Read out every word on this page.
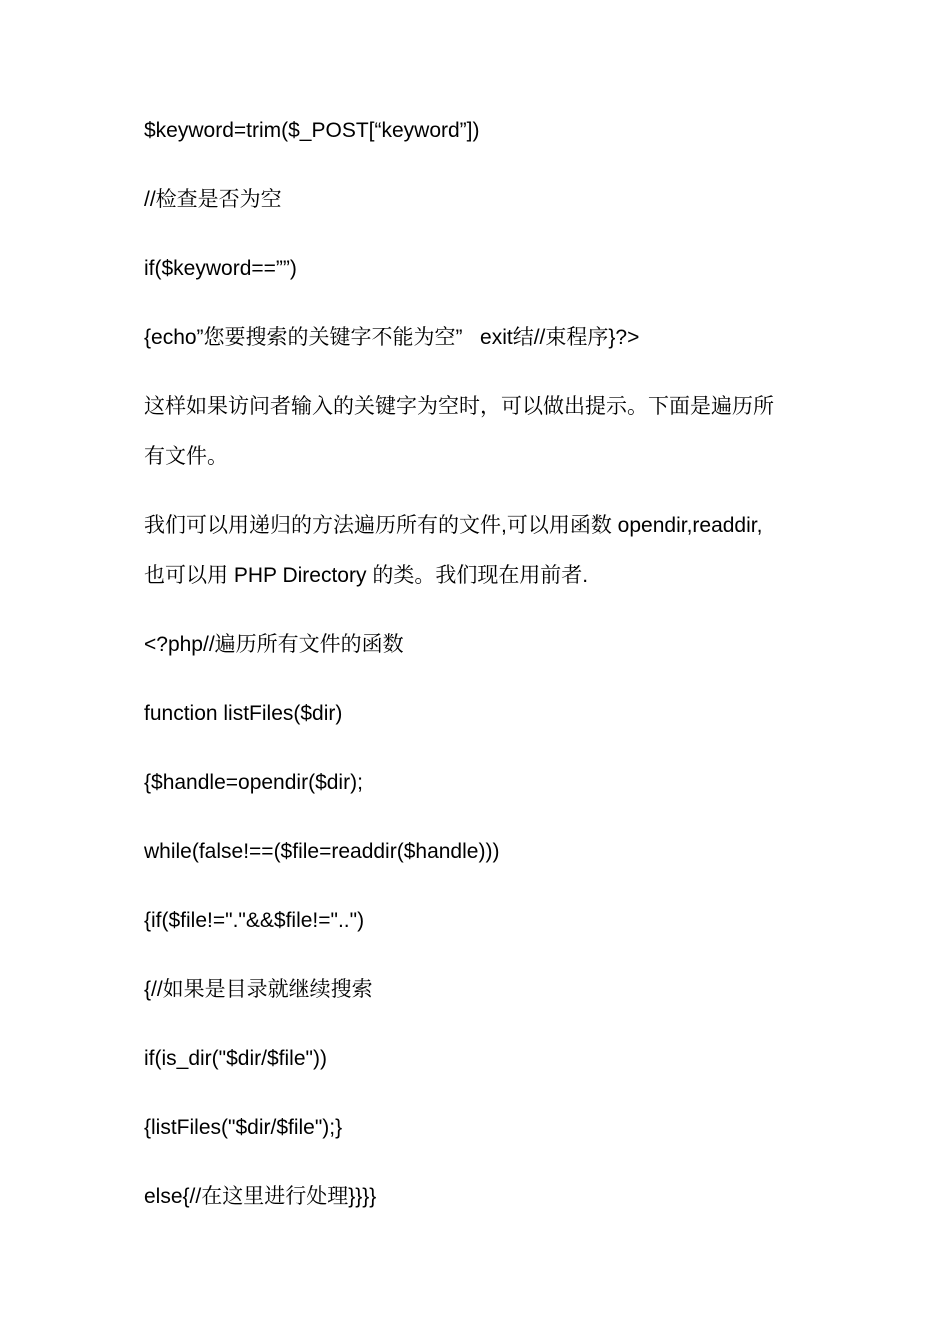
$keyword=trim($_POST[“keyword”])
//检查是否为空
if($keyword==””)
{echo”您要搜索的关键字不能为空”   exit结//束程序}?>
这样如果访问者输入的关键字为空时，可以做出提示。下面是遍历所
有文件。
我们可以用递归的方法遍历所有的文件,可以用函数 opendir,readdir,
也可以用 PHP Directory 的类。我们现在用前者.
<?php//遍历所有文件的函数
function listFiles($dir)
{$handle=opendir($dir);
while(false!==($file=readdir($handle)))
{if($file!="."&&$file!="..")
{//如果是目录就继续搜索
if(is_dir("$dir/$file"))
{listFiles("$dir/$file");}
else{//在这里进行处理}}}}
